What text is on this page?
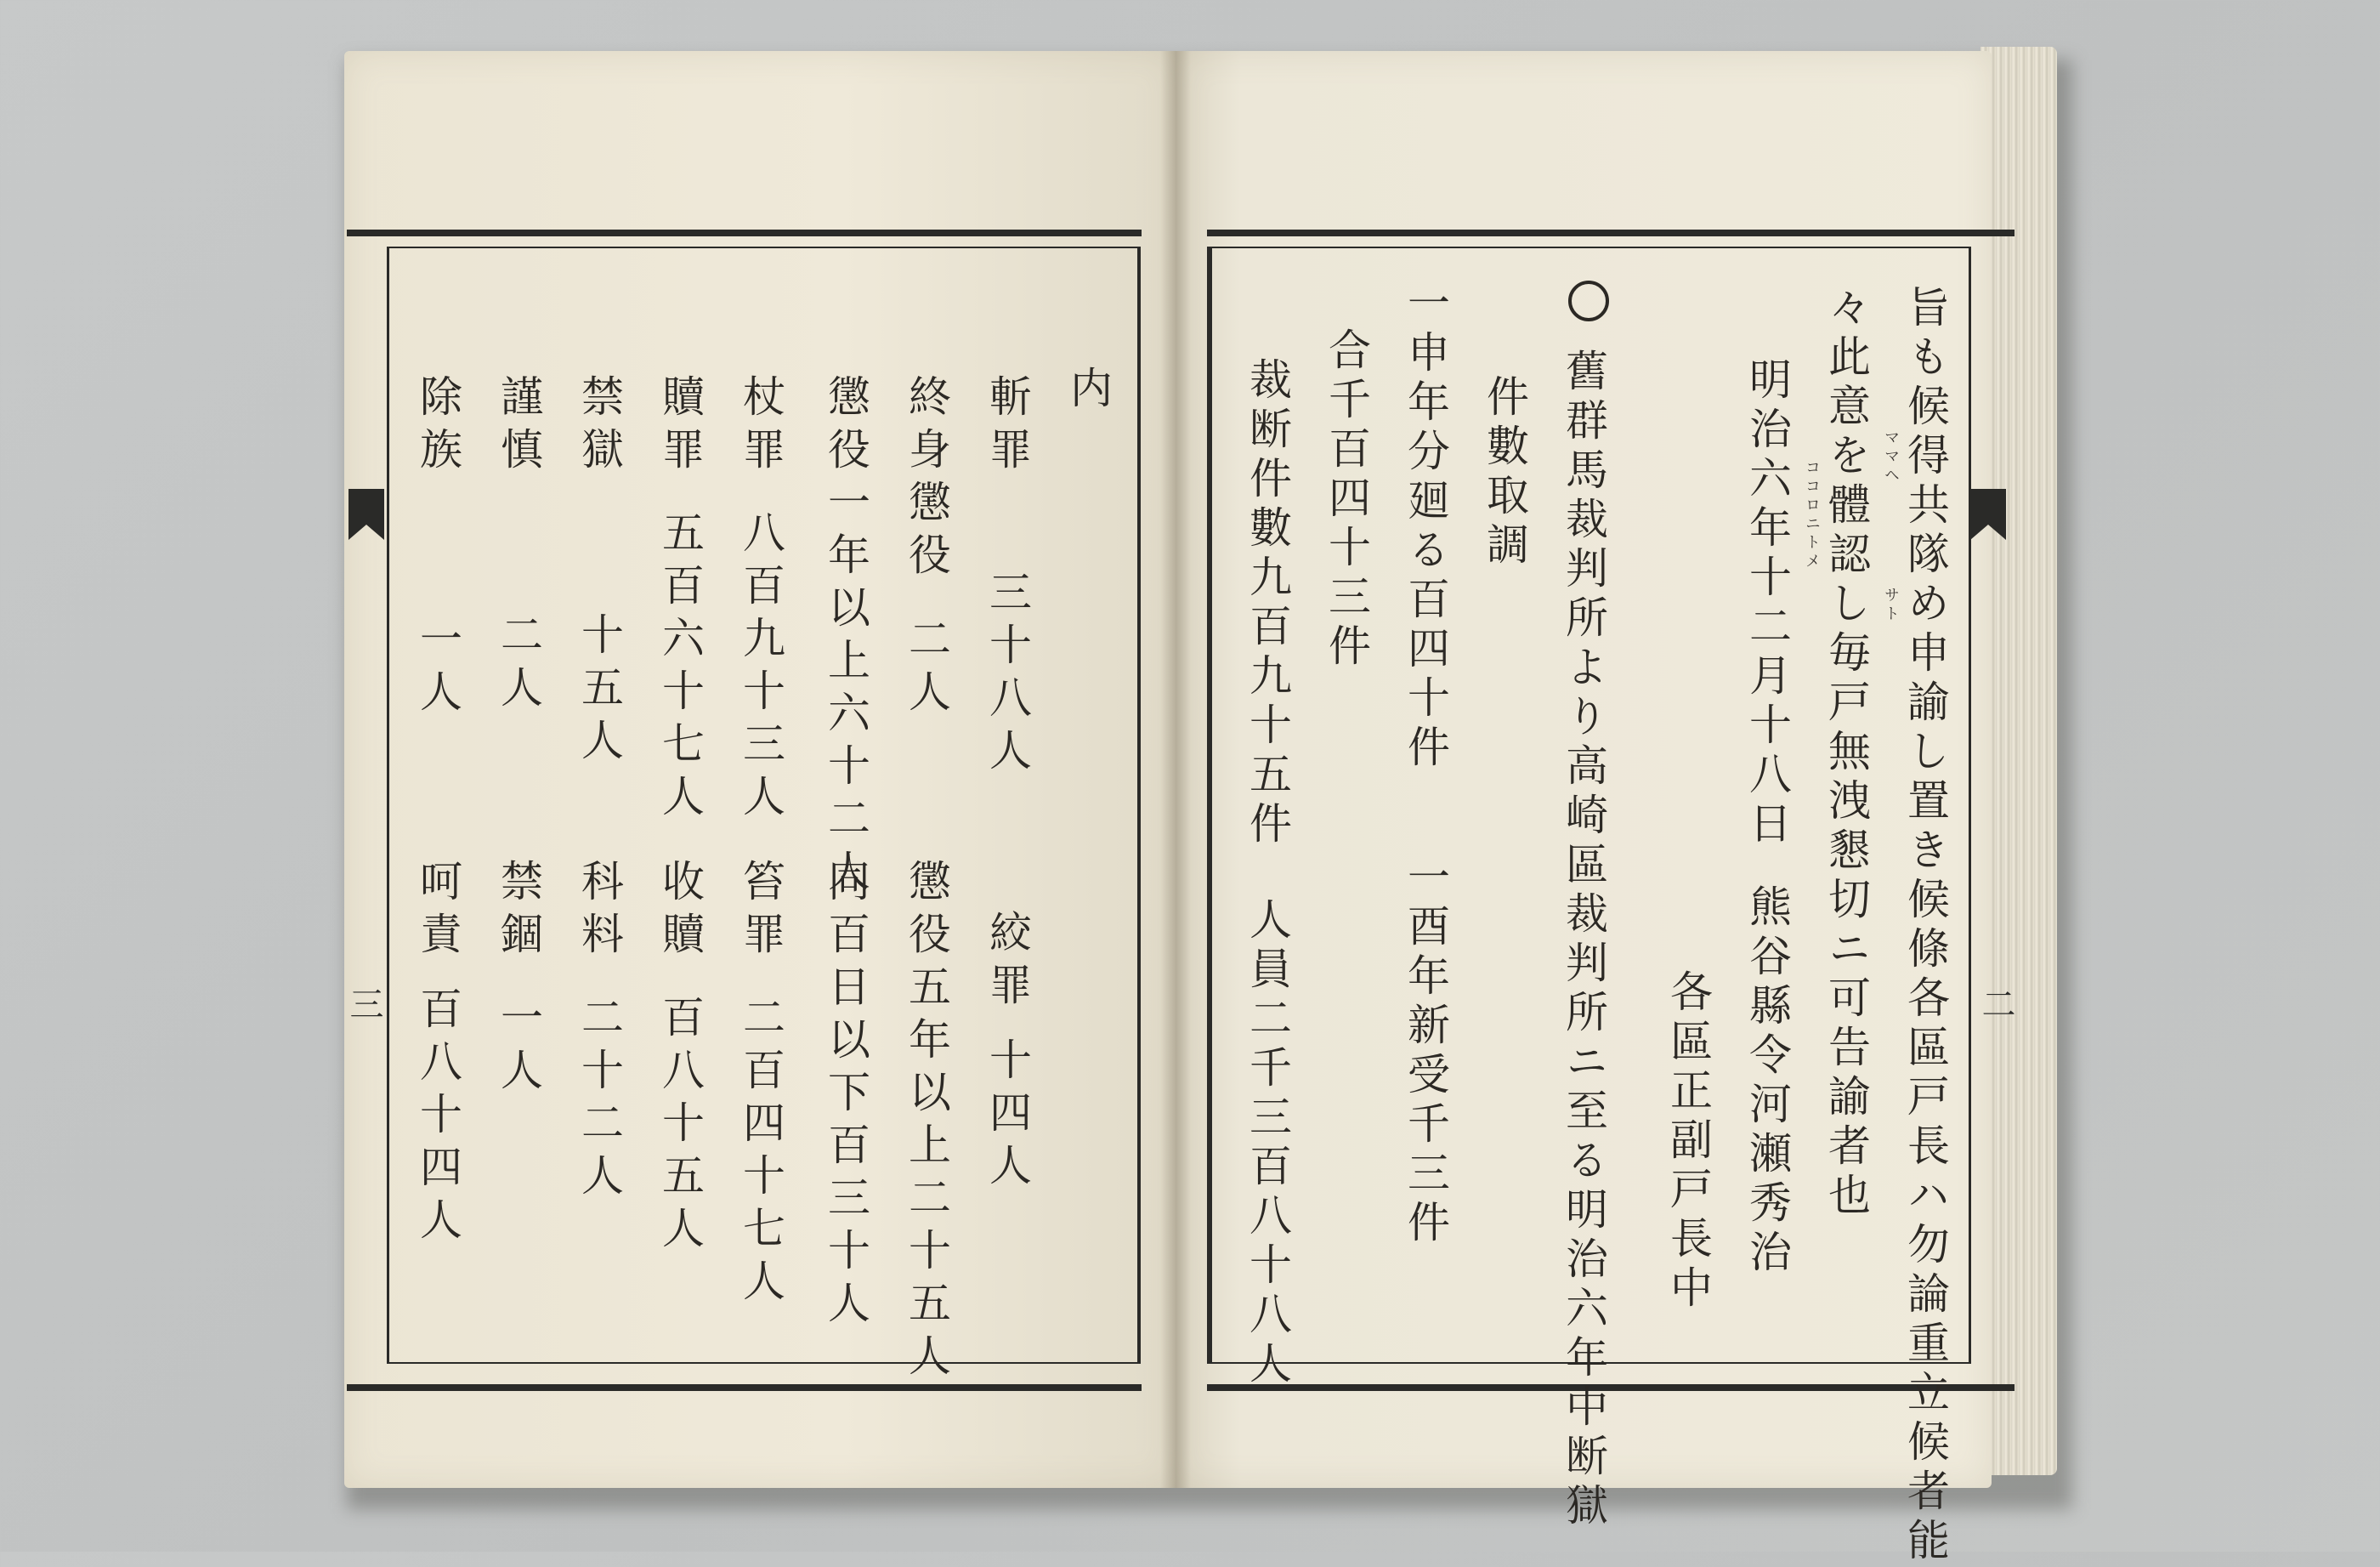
三	二
内
斬罪
三十八人
終身懲役
二人
懲役一年以上六十二人
杖罪
八百九十三人
贖罪
五百六十七人
禁獄
十五人
謹慎
二人
除族
一人
絞罪
十四人
懲役五年以上二十五人
同百日以下百三十人
笞罪
二百四十七人
收贖
百八十五人
科料
二十二人
禁錮
一人
呵責
百八十四人
ママヘ
サト
ココロニトメ 旨も候得共隊め申諭し置き候條各區戸長ハ勿論重立候者能
々此意を體認し毎戸無洩懇切ニ可告諭者也
明治六年十二月十八日
熊谷縣令河瀬秀治
各區正副戸長中
舊群馬裁判所より高崎區裁判所ニ至る明治六年中断獄
件數取調
一申年分廻る百四十件
一酉年新受千三件
合千百四十三件
裁断件數九百九十五件
人員二千三百八十八人
